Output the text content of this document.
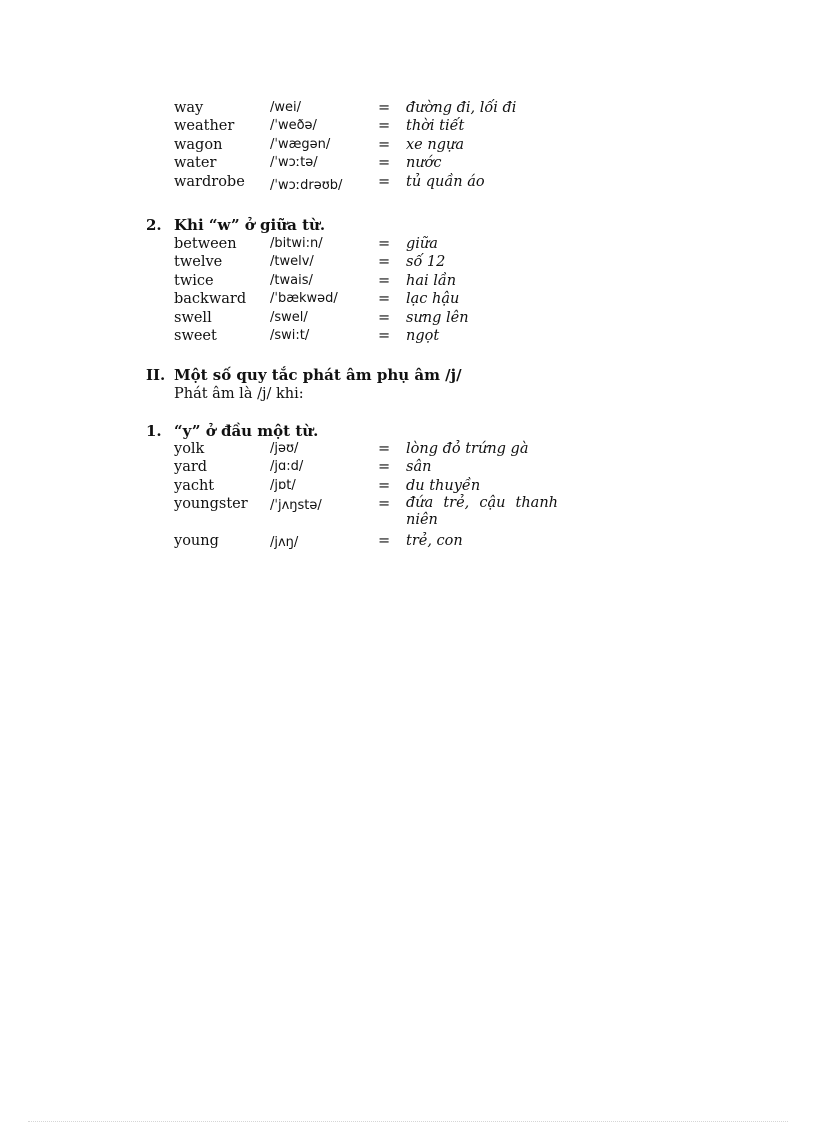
way	/wei/	= đường đi, lối đi
weather	/ˈweðə/	= thời tiết
wagon	/ˈwægən/	= xe ngựa
water	/ˈwɔːtə/	= nước
wardrobe /ˈwɔːdrəʊb/ = tủ quần áo
2. Khi “w” ở giữa từ.
between	/bitwi:n/	= giữa
twelve	/twelv/	= số 12
twice	/twais/	= hai lần
backward /ˈbækwəd/	= lạc hậu
swell	/swel/	= sưng lên
sweet	/swi:t/	= ngọt
II. Một số quy tắc phát âm phụ âm /j/
Phát âm là /j/ khi:
1. “y” ở đầu một từ.
yolk	/jəʊ/	= lòng đỏ trứng gà
yard	/jɑ:d/	= sân
yacht	/jɒt/	= du thuyền
youngster /ˈjʌŋstə/	= đứa trẻ, cậu thanh
niên
young	/jʌŋ/	= trẻ, con
